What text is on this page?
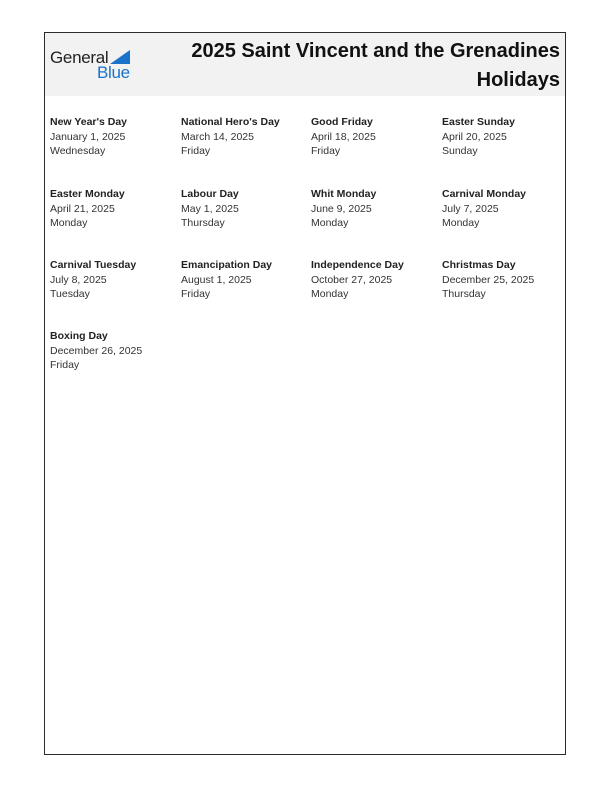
General
Blue
2025 Saint Vincent and the Grenadines
Holidays
New Year's Day
January 1, 2025
Wednesday
National Hero's Day
March 14, 2025
Friday
Good Friday
April 18, 2025
Friday
Easter Sunday
April 20, 2025
Sunday
Easter Monday
April 21, 2025
Monday
Labour Day
May 1, 2025
Thursday
Whit Monday
June 9, 2025
Monday
Carnival Monday
July 7, 2025
Monday
Carnival Tuesday
July 8, 2025
Tuesday
Emancipation Day
August 1, 2025
Friday
Independence Day
October 27, 2025
Monday
Christmas Day
December 25, 2025
Thursday
Boxing Day
December 26, 2025
Friday
